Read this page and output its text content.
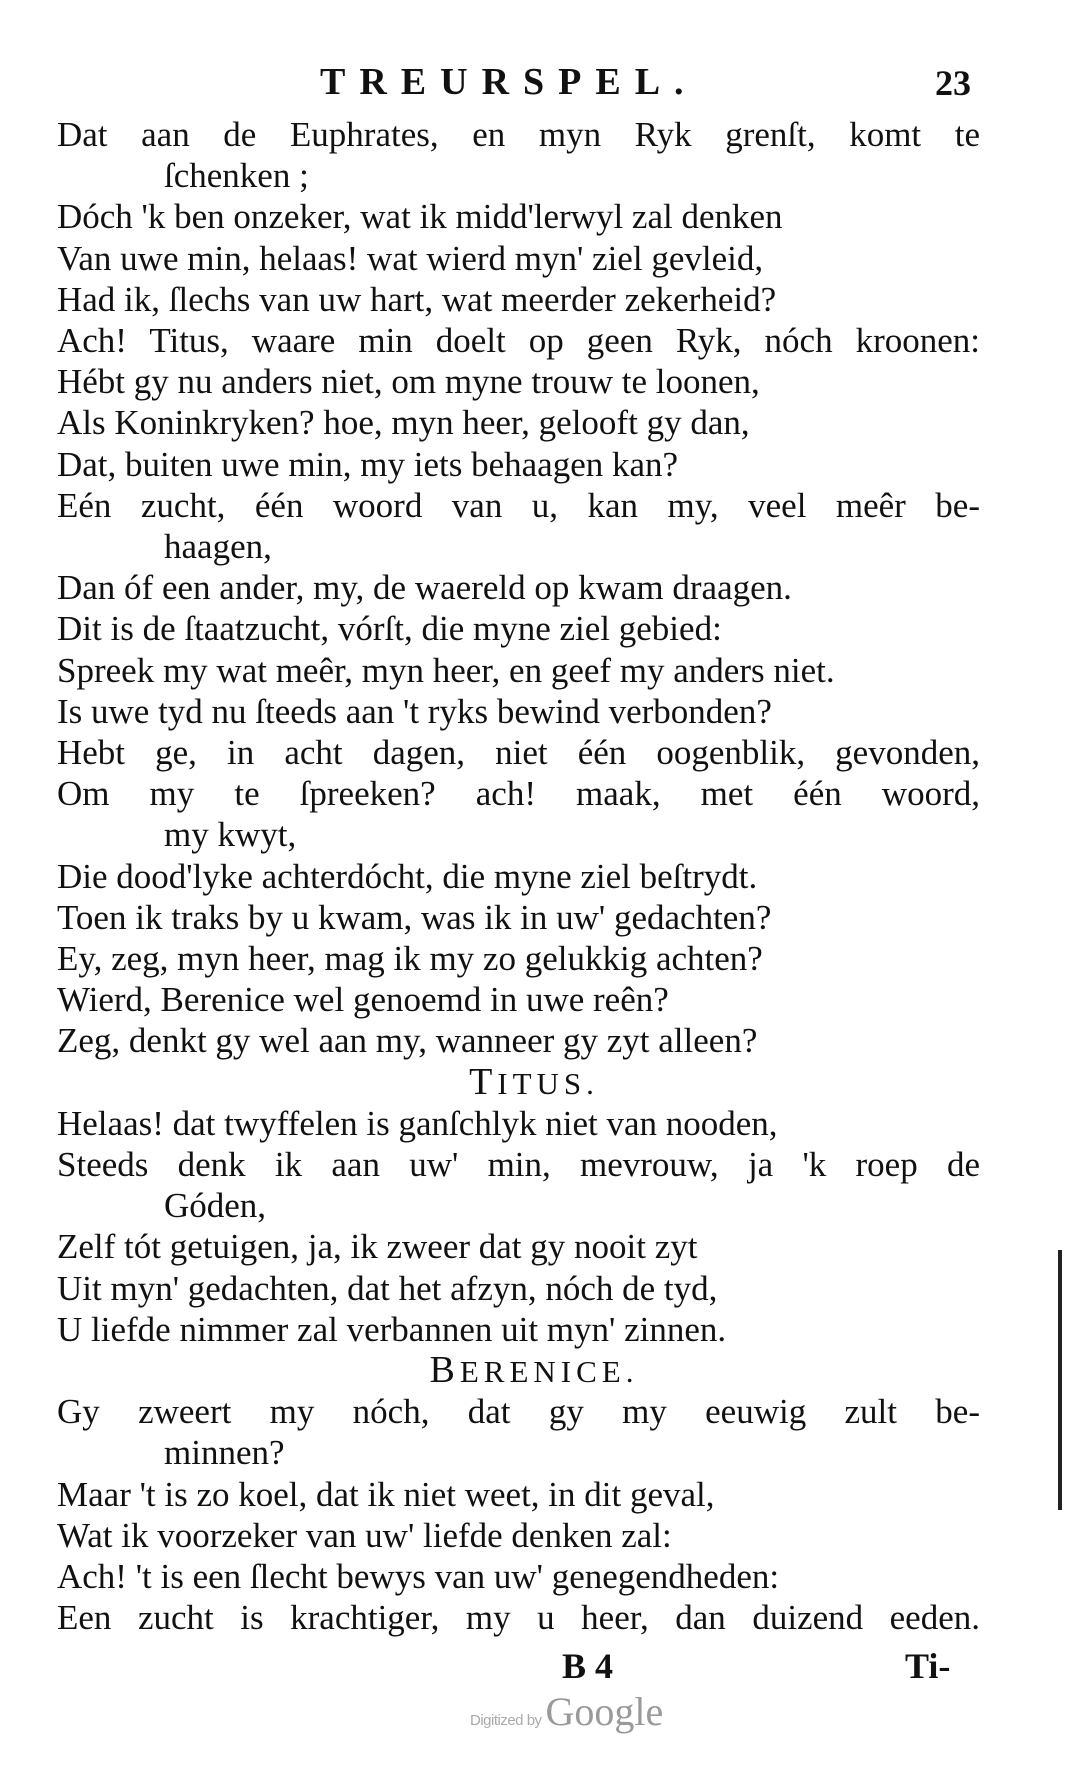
TREURSPEL.	23
Dat aan de Euphrates, en myn Ryk grenſt, komt te
ſchenken ;
Dóch 'k ben onzeker, wat ik midd'lerwyl zal denken
Van uwe min, helaas! wat wierd myn' ziel gevleid,
Had ik, ſlechs van uw hart, wat meerder zekerheid?
Ach! Titus, waare min doelt op geen Ryk, nóch kroonen:
Hébt gy nu anders niet, om myne trouw te loonen,
Als Koninkryken? hoe, myn heer, gelooft gy dan,
Dat, buiten uwe min, my iets behaagen kan?
Eén zucht, één woord van u, kan my, veel meêr be-
haagen,
Dan óf een ander, my, de waereld op kwam draagen.
Dit is de ſtaatzucht, vórſt, die myne ziel gebied:
Spreek my wat meêr, myn heer, en geef my anders niet.
Is uwe tyd nu ſteeds aan 't ryks bewind verbonden?
Hebt ge, in acht dagen, niet één oogenblik, gevonden,
Om my te ſpreeken? ach! maak, met één woord,
my kwyt,
Die dood'lyke achterdócht, die myne ziel beſtrydt.
Toen ik traks by u kwam, was ik in uw' gedachten?
Ey, zeg, myn heer, mag ik my zo gelukkig achten?
Wierd, Berenice wel genoemd in uwe reên?
Zeg, denkt gy wel aan my, wanneer gy zyt alleen?
TITUS.
Helaas! dat twyffelen is ganſchlyk niet van nooden,
Steeds denk ik aan uw' min, mevrouw, ja 'k roep de
Góden,
Zelf tót getuigen, ja, ik zweer dat gy nooit zyt
Uit myn' gedachten, dat het afzyn, nóch de tyd,
U liefde nimmer zal verbannen uit myn' zinnen.
BERENICE.
Gy zweert my nóch, dat gy my eeuwig zult be-
minnen?
Maar 't is zo koel, dat ik niet weet, in dit geval,
Wat ik voorzeker van uw' liefde denken zal:
Ach! 't is een ſlecht bewys van uw' genegendheden:
Een zucht is krachtiger, my u heer, dan duizend eeden.
B 4	Ti-
Digitized by Google
